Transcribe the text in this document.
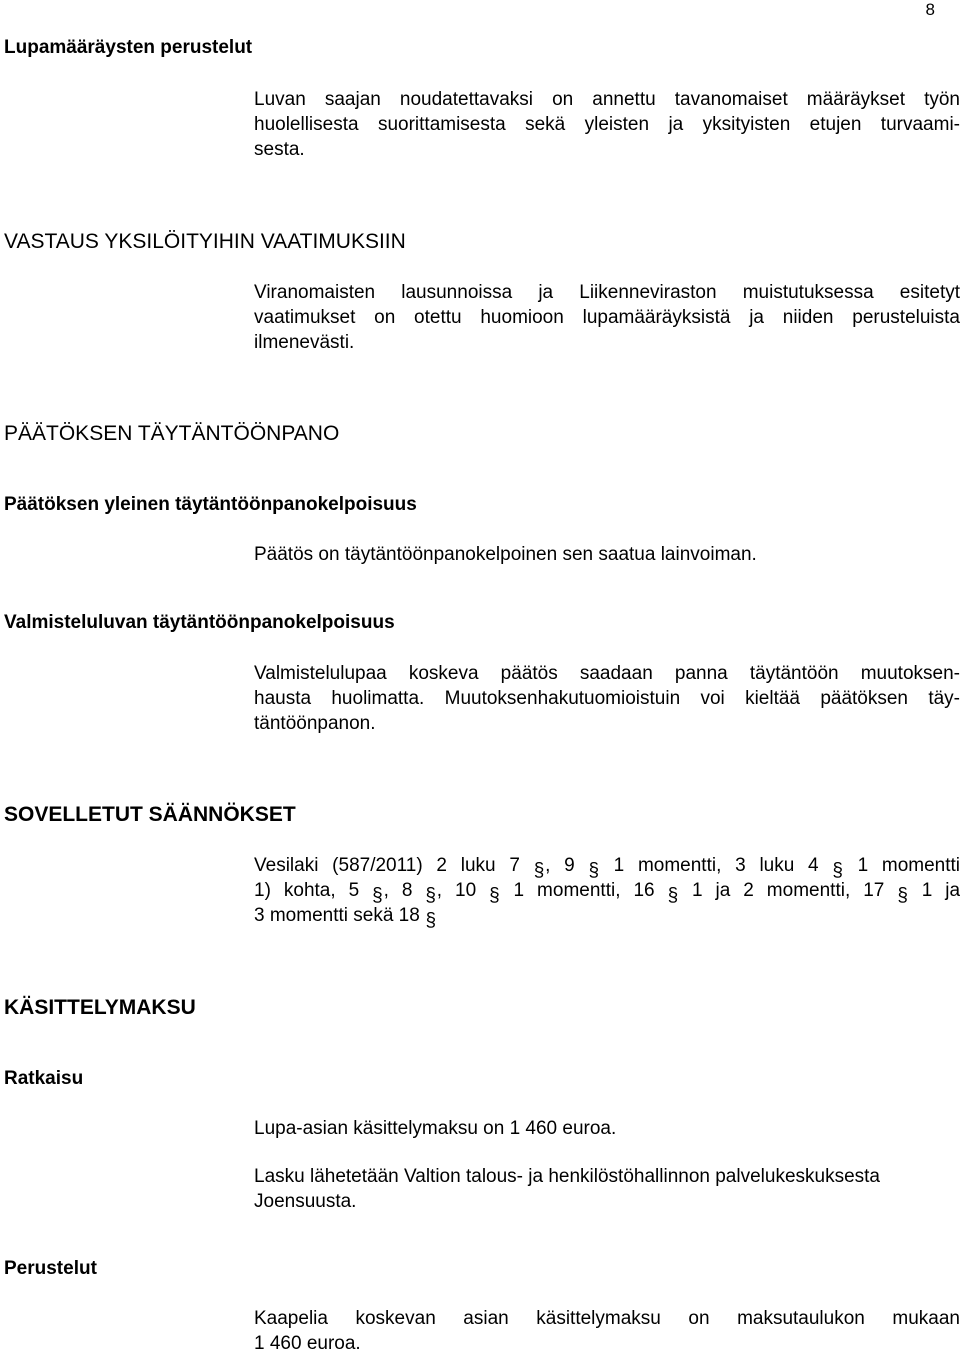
8
Lupamääräysten perustelut
Luvan saajan noudatettavaksi on annettu tavanomaiset määräykset työn
huolellisesta suorittamisesta sekä yleisten ja yksityisten etujen turvaami-
sesta.
VASTAUS YKSILÖITYIHIN VAATIMUKSIIN
Viranomaisten lausunnoissa ja Liikenneviraston muistutuksessa esitetyt
vaatimukset on otettu huomioon lupamääräyksistä ja niiden perusteluista
ilmenevästi.
PÄÄTÖKSEN TÄYTÄNTÖÖNPANO
Päätöksen yleinen täytäntöönpanokelpoisuus
Päätös on täytäntöönpanokelpoinen sen saatua lainvoiman.
Valmisteluluvan täytäntöönpanokelpoisuus
Valmistelulupaa koskeva päätös saadaan panna täytäntöön muutoksen-
hausta huolimatta. Muutoksenhakutuomioistuin voi kieltää päätöksen täy-
täntöönpanon.
SOVELLETUT SÄÄNNÖKSET
Vesilaki (587/2011) 2 luku 7 §, 9 § 1 momentti, 3 luku 4 § 1 momentti
1) kohta, 5 §, 8 §, 10 § 1 momentti, 16 § 1 ja 2 momentti, 17 § 1 ja
3 momentti sekä 18 §
KÄSITTELYMAKSU
Ratkaisu
Lupa-asian käsittelymaksu on 1 460 euroa.
Lasku lähetetään Valtion talous- ja henkilöstöhallinnon palvelukeskuksesta
Joensuusta.
Perustelut
Kaapelia koskevan asian käsittelymaksu on maksutaulukon mukaan
1 460 euroa.
